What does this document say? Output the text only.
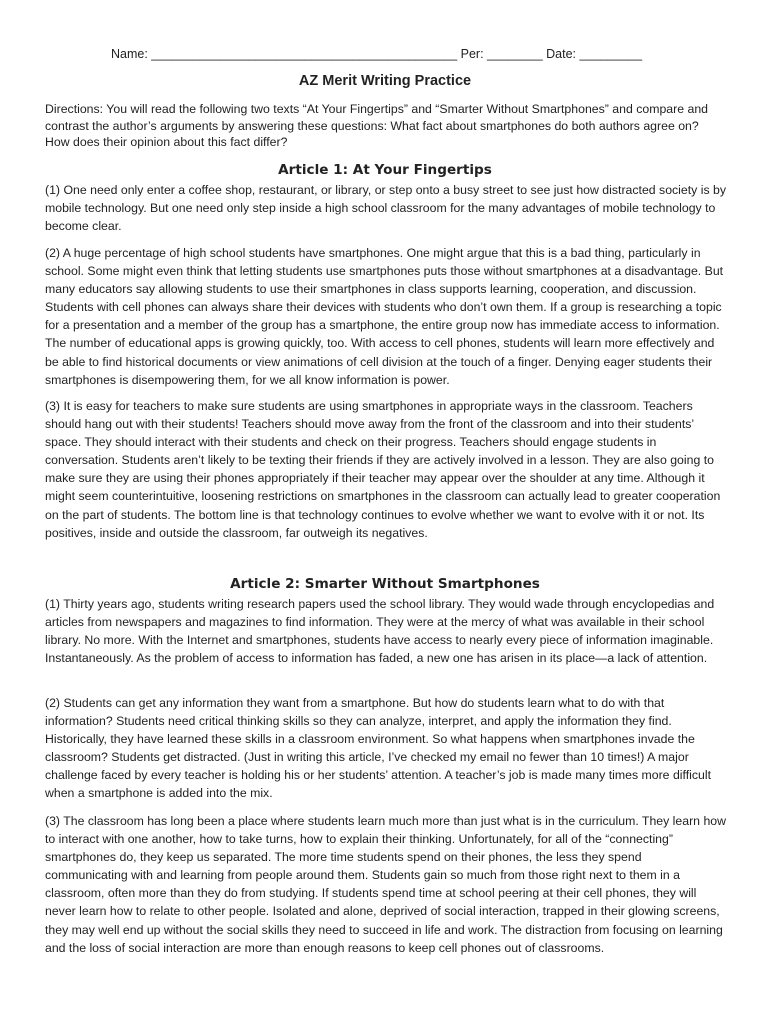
Name: ____________________________________________ Per: ________ Date: _________
AZ Merit Writing Practice
Directions: You will read the following two texts “At Your Fingertips” and “Smarter Without Smartphones” and compare and contrast the author’s arguments by answering these questions: What fact about smartphones do both authors agree on? How does their opinion about this fact differ?
Article 1: At Your Fingertips

(1) One need only enter a coffee shop, restaurant, or library, or step onto a busy street to see just how distracted society is by mobile technology. But one need only step inside a high school classroom for the many advantages of mobile technology to become clear.

(2) A huge percentage of high school students have smartphones. One might argue that this is a bad thing, particularly in school. Some might even think that letting students use smartphones puts those without smartphones at a disadvantage. But many educators say allowing students to use their smartphones in class supports learning, cooperation, and discussion. Students with cell phones can always share their devices with students who don’t own them. If a group is researching a topic for a presentation and a member of the group has a smartphone, the entire group now has immediate access to information. The number of educational apps is growing quickly, too. With access to cell phones, students will learn more effectively and be able to find historical documents or view animations of cell division at the touch of a finger. Denying eager students their smartphones is disempowering them, for we all know information is power.

(3) It is easy for teachers to make sure students are using smartphones in appropriate ways in the classroom. Teachers should hang out with their students! Teachers should move away from the front of the classroom and into their students’ space. They should interact with their students and check on their progress. Teachers should engage students in conversation. Students aren’t likely to be texting their friends if they are actively involved in a lesson. They are also going to make sure they are using their phones appropriately if their teacher may appear over the shoulder at any time. Although it might seem counterintuitive, loosening restrictions on smartphones in the classroom can actually lead to greater cooperation on the part of students. The bottom line is that technology continues to evolve whether we want to evolve with it or not. Its positives, inside and outside the classroom, far outweigh its negatives.

Article 2: Smarter Without Smartphones

(1) Thirty years ago, students writing research papers used the school library. They would wade through encyclopedias and articles from newspapers and magazines to find information. They were at the mercy of what was available in their school library. No more. With the Internet and smartphones, students have access to nearly every piece of information imaginable. Instantaneously. As the problem of access to information has faded, a new one has arisen in its place—a lack of attention.

(2) Students can get any information they want from a smartphone. But how do students learn what to do with that information? Students need critical thinking skills so they can analyze, interpret, and apply the information they find. Historically, they have learned these skills in a classroom environment. So what happens when smartphones invade the classroom? Students get distracted. (Just in writing this article, I’ve checked my email no fewer than 10 times!) A major challenge faced by every teacher is holding his or her students’ attention. A teacher’s job is made many times more difficult when a smartphone is added into the mix.

(3) The classroom has long been a place where students learn much more than just what is in the curriculum. They learn how to interact with one another, how to take turns, how to explain their thinking. Unfortunately, for all of the “connecting” smartphones do, they keep us separated. The more time students spend on their phones, the less they spend communicating with and learning from people around them. Students gain so much from those right next to them in a classroom, often more than they do from studying. If students spend time at school peering at their cell phones, they will never learn how to relate to other people. Isolated and alone, deprived of social interaction, trapped in their glowing screens, they may well end up without the social skills they need to succeed in life and work. The distraction from focusing on learning and the loss of social interaction are more than enough reasons to keep cell phones out of classrooms.
